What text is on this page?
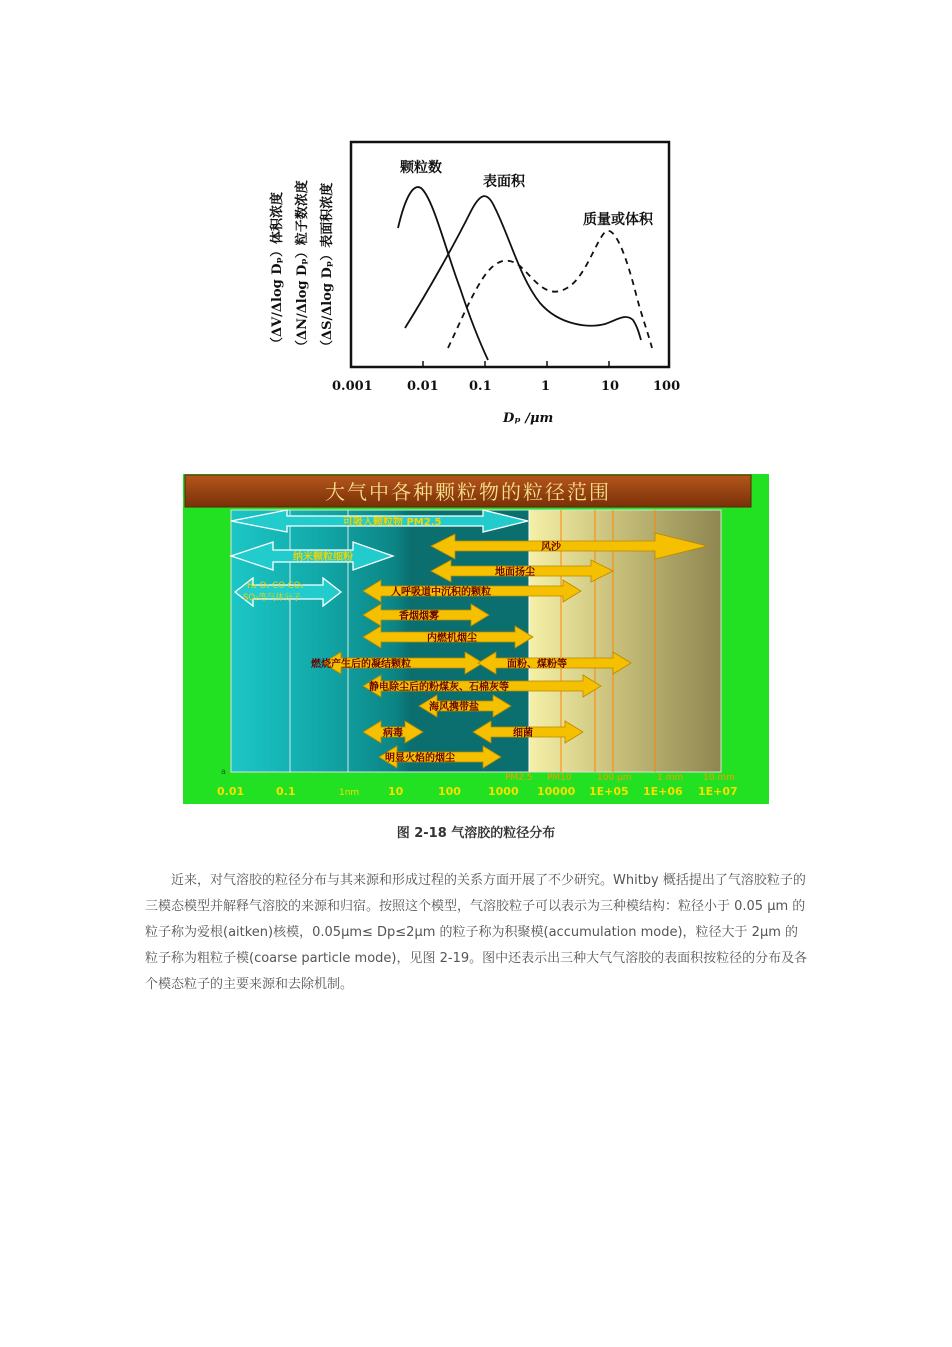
（ΔV/Δlog Dₚ）体积浓度 （ΔN/Δlog Dₚ）粒子数浓度 （ΔS/Δlog Dₚ）表面积浓度
颗粒数
表面积
质量或体积
0.001	0.01 0.1	1	10	100
Dₚ /μm
大气中各种颗粒物的粒径范围
可吸入颗粒物 PM2.5
纳米颗粒细粉
风沙
地面扬尘
人呼吸道中沉积的颗粒
香烟烟雾
内燃机烟尘
燃烧产生后的凝结颗粒	面粉、煤粉等
静电除尘后的粉煤灰、石棉灰等
海风携带盐
病毒	细菌
明显火焰的烟尘
H₂ O₂ CO CO₂
SO₂等气体分子
PM2.5 PM10	100 μm	1 mm 10 mm
a
0.01	0.1	1nm	10	100 1000 10000 1E+05 1E+06 1E+07
图 2-18 气溶胶的粒径分布

近来，对气溶胶的粒径分布与其来源和形成过程的关系方面开展了不少研究。Whitby 概括提出了气溶胶粒子的三模态模型并解释气溶胶的来源和归宿。按照这个模型，气溶胶粒子可以表示为三种模结构：粒径小于 0.05 μm 的粒子称为爱根(aitken)核模，0.05μm≤ Dp≤2μm 的粒子称为积聚模(accumulation mode)，粒径大于 2μm 的粒子称为粗粒子模(coarse particle mode)，见图 2-19。图中还表示出三种大气气溶胶的表面积按粒径的分布及各个模态粒子的主要来源和去除机制。
